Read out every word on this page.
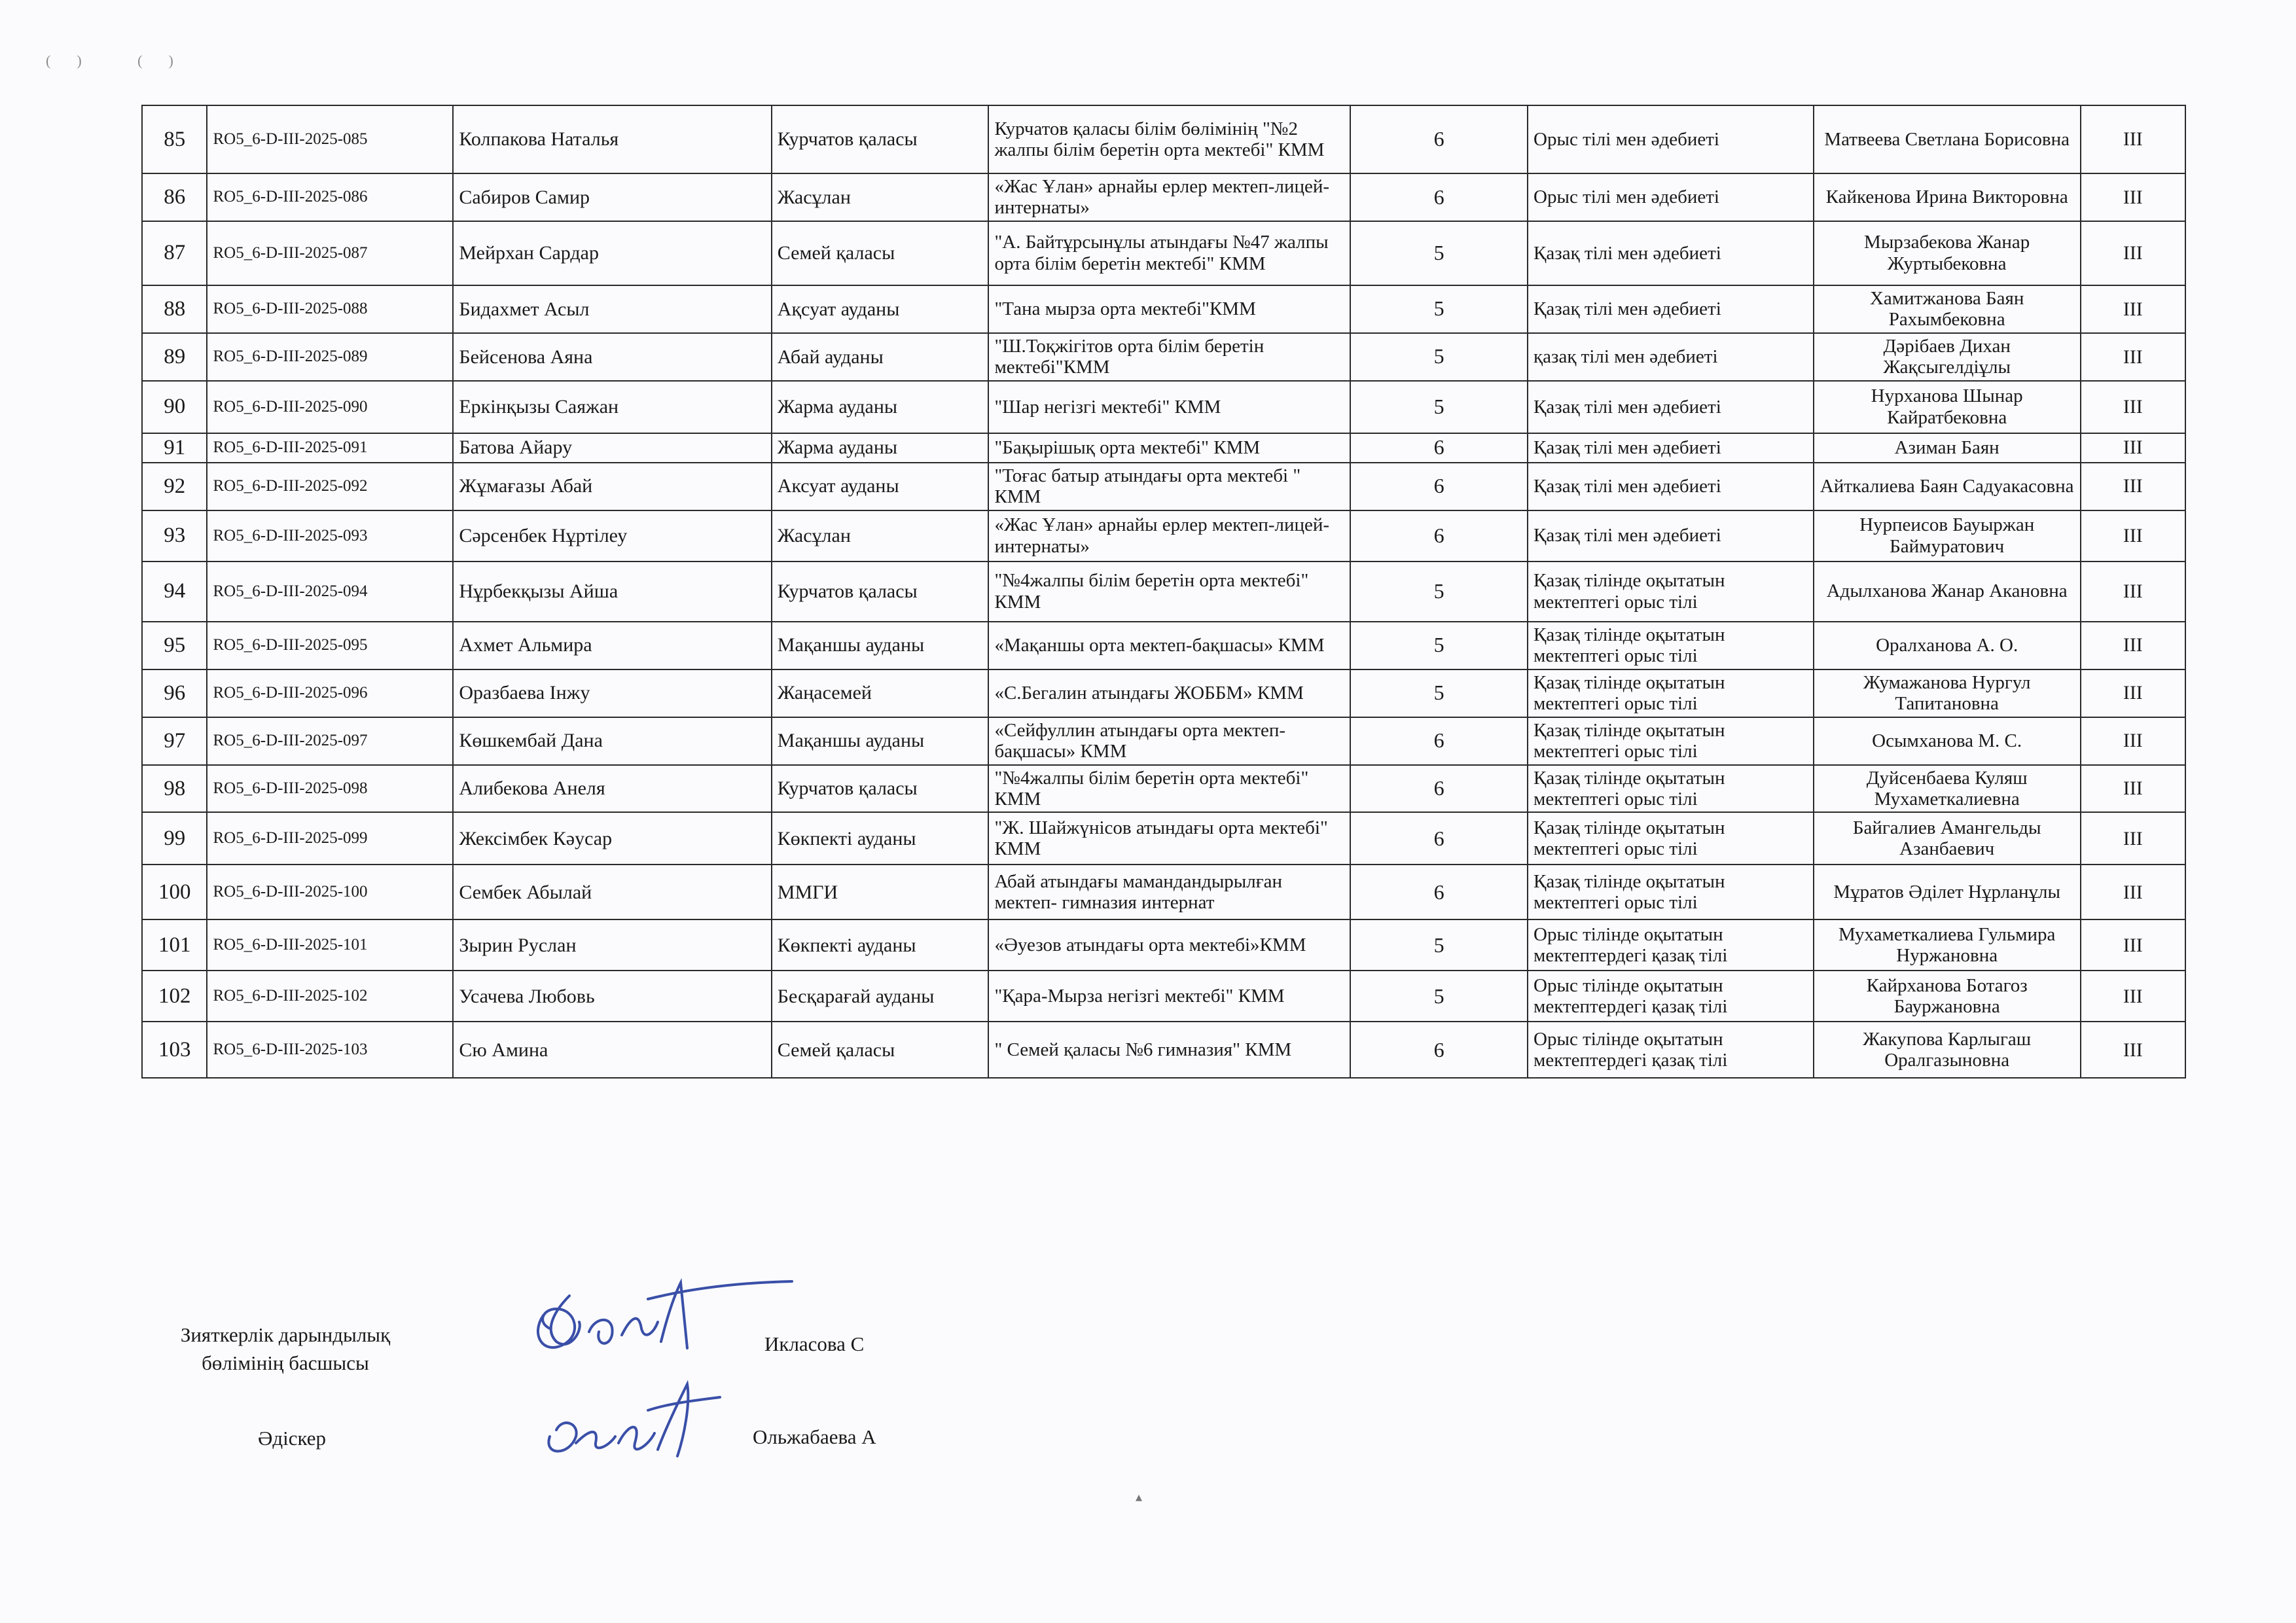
() ()
85	RO5_6-D-III-2025-085	Колпакова Наталья	Курчатов қаласы	Курчатов қаласы білім бөлімінің "№2 жалпы білім беретін орта мектебі" КММ	6	Орыс тілі мен әдебиеті	Матвеева Светлана Борисовна	III
86	RO5_6-D-III-2025-086	Сабиров Самир	Жасұлан	«Жас Ұлан» арнайы ерлер мектеп-лицей-интернаты»	6	Орыс тілі мен әдебиеті	Кайкенова Ирина Викторовна	III
87	RO5_6-D-III-2025-087	Мейрхан Сардар	Семей қаласы	"А. Байтұрсынұлы атындағы №47 жалпы орта білім беретін мектебі" КММ	5	Қазақ тілі мен әдебиеті	Мырзабекова Жанар Журтыбековна	III
88	RO5_6-D-III-2025-088	Бидахмет Асыл	Ақсуат ауданы	"Тана мырза орта мектебі"КММ	5	Қазақ тілі мен әдебиеті	Хамитжанова Баян Рахымбековна	III
89	RO5_6-D-III-2025-089	Бейсенова Аяна	Абай ауданы	"Ш.Тоқжігітов орта білім беретін мектебі"КММ	5	қазақ тілі мен әдебиеті	Дәрібаев Дихан Жақсыгелдіұлы	III
90	RO5_6-D-III-2025-090	Еркінқызы Саяжан	Жарма ауданы	"Шар негізгі мектебі" КММ	5	Қазақ тілі мен әдебиеті	Нурханова Шынар Кайратбековна	III
91	RO5_6-D-III-2025-091	Батова Айару	Жарма ауданы	"Бақырішық орта мектебі" КММ	6	Қазақ тілі мен әдебиеті	Азиман Баян	III
92	RO5_6-D-III-2025-092	Жұмағазы Абай	Аксуат ауданы	"Тоғас батыр атындағы орта мектебі " КММ	6	Қазақ тілі мен әдебиеті	Айткалиева Баян Садуакасовна	III
93	RO5_6-D-III-2025-093	Сәрсенбек Нұртілеу	Жасұлан	«Жас Ұлан» арнайы ерлер мектеп-лицей-интернаты»	6	Қазақ тілі мен әдебиеті	Нурпеисов Бауыржан Баймуратович	III
94	RO5_6-D-III-2025-094	Нұрбекқызы Айша	Курчатов қаласы	"№4жалпы білім беретін орта мектебі" КММ	5	Қазақ тілінде оқытатын мектептегі орыс тілі	Адылханова Жанар Акановна	III
95	RO5_6-D-III-2025-095	Ахмет Альмира	Мақаншы ауданы	«Мақаншы орта мектеп-бақшасы» КММ	5	Қазақ тілінде оқытатын мектептегі орыс тілі	Оралханова А. О.	III
96	RO5_6-D-III-2025-096	Оразбаева Інжу	Жаңасемей	«С.Бегалин атындағы ЖОББМ» КММ	5	Қазақ тілінде оқытатын мектептегі орыс тілі	Жумажанова Нургул Тапитановна	III
97	RO5_6-D-III-2025-097	Көшкембай Дана	Мақаншы ауданы	«Сейфуллин атындағы орта мектеп-бақшасы» КММ	6	Қазақ тілінде оқытатын мектептегі орыс тілі	Осымханова М. С.	III
98	RO5_6-D-III-2025-098	Алибекова Анеля	Курчатов қаласы	"№4жалпы білім беретін орта мектебі" КММ	6	Қазақ тілінде оқытатын мектептегі орыс тілі	Дуйсенбаева Куляш Мухаметкалиевна	III
99	RO5_6-D-III-2025-099	Жексімбек Кәусар	Көкпекті ауданы	"Ж. Шайжүнісов атындағы орта мектебі" КММ	6	Қазақ тілінде оқытатын мектептегі орыс тілі	Байгалиев Амангельды Азанбаевич	III
100	RO5_6-D-III-2025-100	Сембек Абылай	ММГИ	Абай атындағы мамандандырылған мектеп- гимназия интернат	6	Қазақ тілінде оқытатын мектептегі орыс тілі	Мұратов Әділет Нұрланұлы	III
101	RO5_6-D-III-2025-101	Зырин Руслан	Көкпекті ауданы	«Әуезов атындағы орта мектебі»КММ	5	Орыс тілінде оқытатын мектептердегі қазақ тілі	Мухаметкалиева Гульмира Нуржановна	III
102	RO5_6-D-III-2025-102	Усачева Любовь	Бесқарағай ауданы	"Қара-Мырза негізгі мектебі" КММ	5	Орыс тілінде оқытатын мектептердегі қазақ тілі	Кайрханова Ботагоз Бауржановна	III
103	RO5_6-D-III-2025-103	Сю Амина	Семей қаласы	" Семей қаласы №6 гимназия" КММ	6	Орыс тілінде оқытатын мектептердегі қазақ тілі	Жакупова Карлыгаш Оралгазыновна	III
Зияткерлік дарындылық бөлімінің басшысы
Икласова С
Әдіскер	Ольжабаева А
▴
